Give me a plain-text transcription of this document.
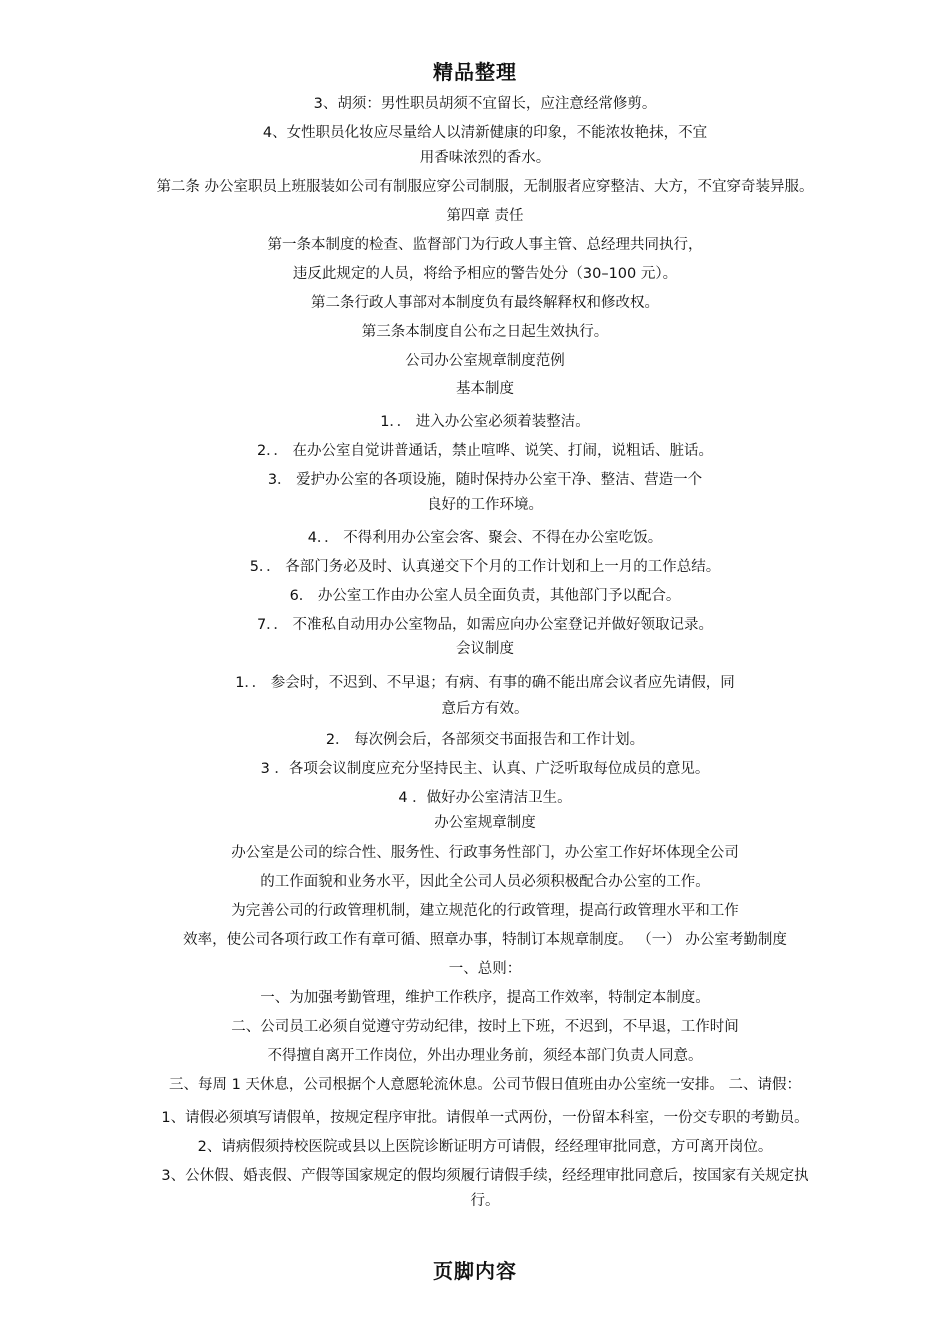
精品整理
3、胡须：男性职员胡须不宜留长，应注意经常修剪。
4、女性职员化妆应尽量给人以清新健康的印象，不能浓妆艳抹，不宜
用香味浓烈的香水。
第二条 办公室职员上班服装如公司有制服应穿公司制服，无制服者应穿整洁、大方，不宜穿奇装异服。
第四章 责任
第一条本制度的检查、监督部门为行政人事主管、总经理共同执行，
违反此规定的人员，将给予相应的警告处分（30–100 元）。
第二条行政人事部对本制度负有最终解释权和修改权。
第三条本制度自公布之日起生效执行。
公司办公室规章制度范例
基本制度
1．． 进入办公室必须着装整洁。
2．． 在办公室自觉讲普通话，禁止喧哗、说笑、打闹，说粗话、脏话。
3． 爱护办公室的各项设施，随时保持办公室干净、整洁、营造一个
良好的工作环境。
4．． 不得利用办公室会客、聚会、不得在办公室吃饭。
5．． 各部门务必及时、认真递交下个月的工作计划和上一月的工作总结。
6． 办公室工作由办公室人员全面负责，其他部门予以配合。
7．． 不准私自动用办公室物品，如需应向办公室登记并做好领取记录。
会议制度
1．． 参会时，不迟到、不早退；有病、有事的确不能出席会议者应先请假，同
意后方有效。
2． 每次例会后，各部须交书面报告和工作计划。
3 ．各项会议制度应充分坚持民主、认真、广泛听取每位成员的意见。
4 ．做好办公室清洁卫生。
办公室规章制度
办公室是公司的综合性、服务性、行政事务性部门，办公室工作好坏体现全公司
的工作面貌和业务水平，因此全公司人员必须积极配合办公室的工作。
为完善公司的行政管理机制，建立规范化的行政管理，提高行政管理水平和工作
效率，使公司各项行政工作有章可循、照章办事，特制订本规章制度。 （一） 办公室考勤制度
一、总则：
一、为加强考勤管理，维护工作秩序，提高工作效率，特制定本制度。
二、公司员工必须自觉遵守劳动纪律，按时上下班，不迟到，不早退，工作时间
不得擅自离开工作岗位，外出办理业务前，须经本部门负责人同意。
三、每周 1 天休息，公司根据个人意愿轮流休息。公司节假日值班由办公室统一安排。 二、请假：
1、请假必须填写请假单，按规定程序审批。请假单一式两份，一份留本科室，一份交专职的考勤员。
2、请病假须持校医院或县以上医院诊断证明方可请假，经经理审批同意，方可离开岗位。
3、公休假、婚丧假、产假等国家规定的假均须履行请假手续，经经理审批同意后，按国家有关规定执
行。
页脚内容
